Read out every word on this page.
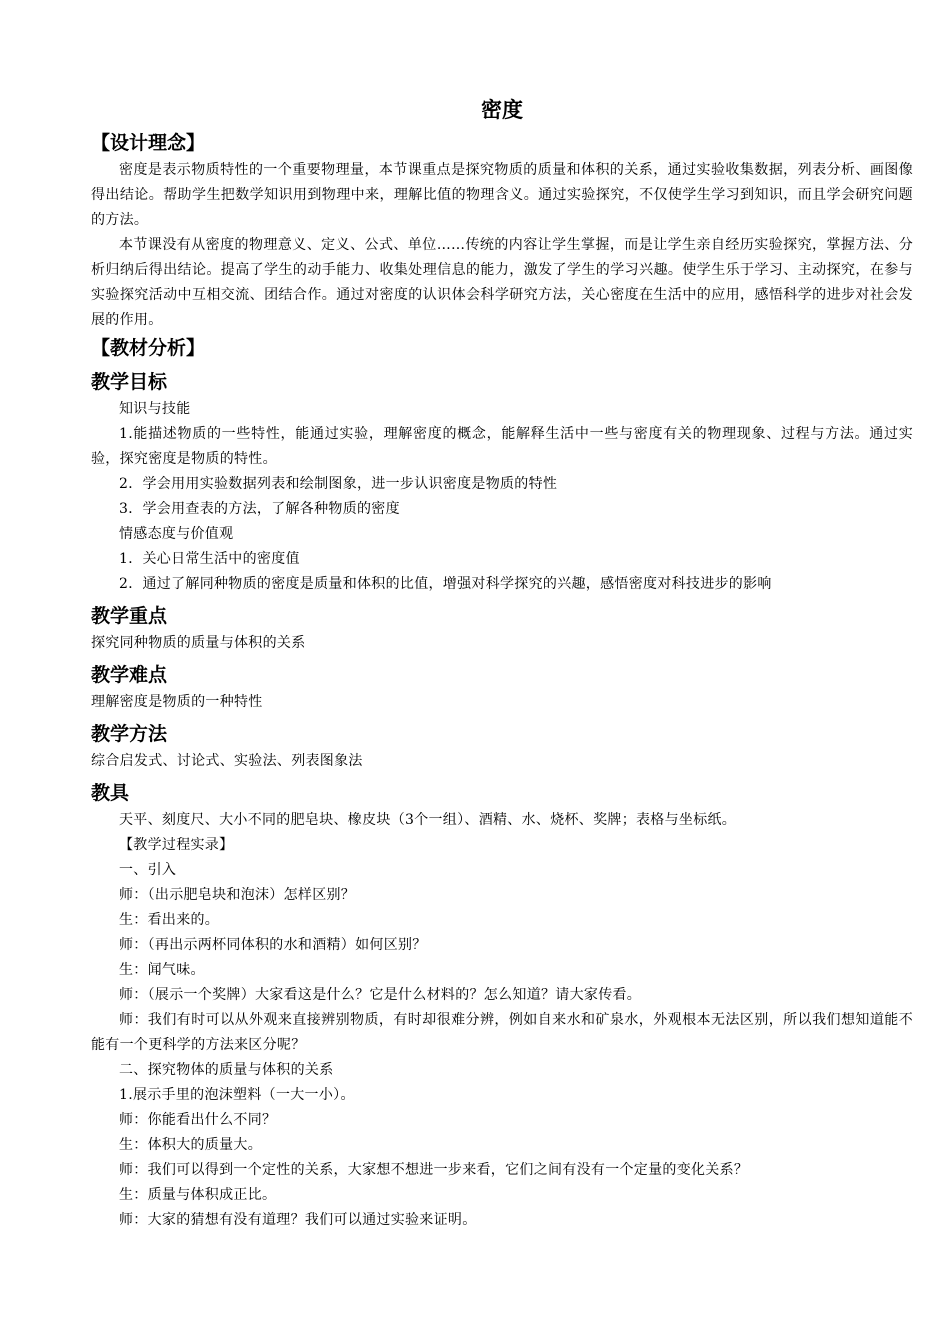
密度
【设计理念】

密度是表示物质特性的一个重要物理量，本节课重点是探究物质的质量和体积的关系，通过实验收集数据，列表分析、画图像得出结论。帮助学生把数学知识用到物理中来，理解比值的物理含义。通过实验探究，不仅使学生学习到知识，而且学会研究问题的方法。

本节课没有从密度的物理意义、定义、公式、单位……传统的内容让学生掌握，而是让学生亲自经历实验探究，掌握方法、分析归纳后得出结论。提高了学生的动手能力、收集处理信息的能力，激发了学生的学习兴趣。使学生乐于学习、主动探究，在参与实验探究活动中互相交流、团结合作。通过对密度的认识体会科学研究方法，关心密度在生活中的应用，感悟科学的进步对社会发展的作用。

【教材分析】
教学目标

知识与技能

1.能描述物质的一些特性，能通过实验，理解密度的概念，能解释生活中一些与密度有关的物理现象、过程与方法。通过实验，探究密度是物质的特性。

2．学会用用实验数据列表和绘制图象，进一步认识密度是物质的特性

3．学会用查表的方法，了解各种物质的密度

情感态度与价值观

1．关心日常生活中的密度值

2．通过了解同种物质的密度是质量和体积的比值，增强对科学探究的兴趣，感悟密度对科技进步的影响

教学重点

探究同种物质的质量与体积的关系

教学难点

理解密度是物质的一种特性

教学方法

综合启发式、讨论式、实验法、列表图象法

教具

天平、刻度尺、大小不同的肥皂块、橡皮块（3个一组）、酒精、水、烧杯、奖牌；表格与坐标纸。

【教学过程实录】

一、引入

师：（出示肥皂块和泡沫）怎样区别？

生：看出来的。

师：（再出示两杯同体积的水和酒精）如何区别？

生：闻气味。

师：（展示一个奖牌）大家看这是什么？它是什么材料的？怎么知道？请大家传看。

师：我们有时可以从外观来直接辨别物质，有时却很难分辨，例如自来水和矿泉水，外观根本无法区别，所以我们想知道能不能有一个更科学的方法来区分呢？

二、探究物体的质量与体积的关系

1.展示手里的泡沫塑料（一大一小）。

师：你能看出什么不同？

生：体积大的质量大。

师：我们可以得到一个定性的关系，大家想不想进一步来看，它们之间有没有一个定量的变化关系？

生：质量与体积成正比。

师：大家的猜想有没有道理？我们可以通过实验来证明。
